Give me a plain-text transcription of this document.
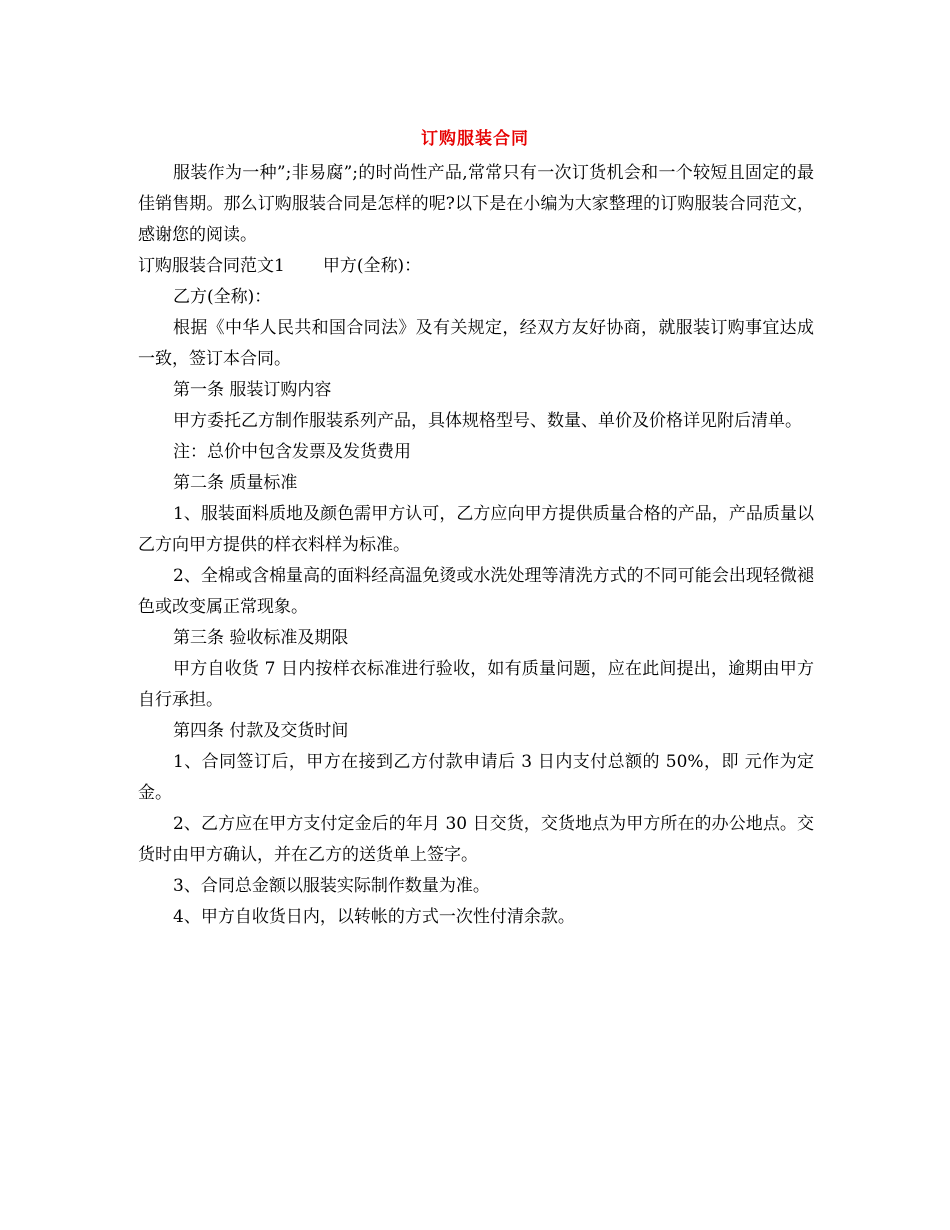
订购服装合同

服装作为一种”;非易腐”;的时尚性产品,常常只有一次订货机会和一个较短且固定的最佳销售期。那么订购服装合同是怎样的呢?以下是在小编为大家整理的订购服装合同范文，感谢您的阅读。

订购服装合同范文1 甲方(全称)：

乙方(全称)：

根据《中华人民共和国合同法》及有关规定，经双方友好协商，就服装订购事宜达成一致，签订本合同。

第一条 服装订购内容

甲方委托乙方制作服装系列产品，具体规格型号、数量、单价及价格详见附后清单。

注：总价中包含发票及发货费用

第二条 质量标准

1、服装面料质地及颜色需甲方认可，乙方应向甲方提供质量合格的产品，产品质量以乙方向甲方提供的样衣料样为标准。

2、全棉或含棉量高的面料经高温免烫或水洗处理等清洗方式的不同可能会出现轻微褪色或改变属正常现象。

第三条 验收标准及期限

甲方自收货 7 日内按样衣标准进行验收，如有质量问题，应在此间提出，逾期由甲方自行承担。

第四条 付款及交货时间

1、合同签订后，甲方在接到乙方付款申请后 3 日内支付总额的 50%，即 元作为定金。

2、乙方应在甲方支付定金后的年月 30 日交货，交货地点为甲方所在的办公地点。交货时由甲方确认，并在乙方的送货单上签字。

3、合同总金额以服装实际制作数量为准。

4、甲方自收货日内，以转帐的方式一次性付清余款。
